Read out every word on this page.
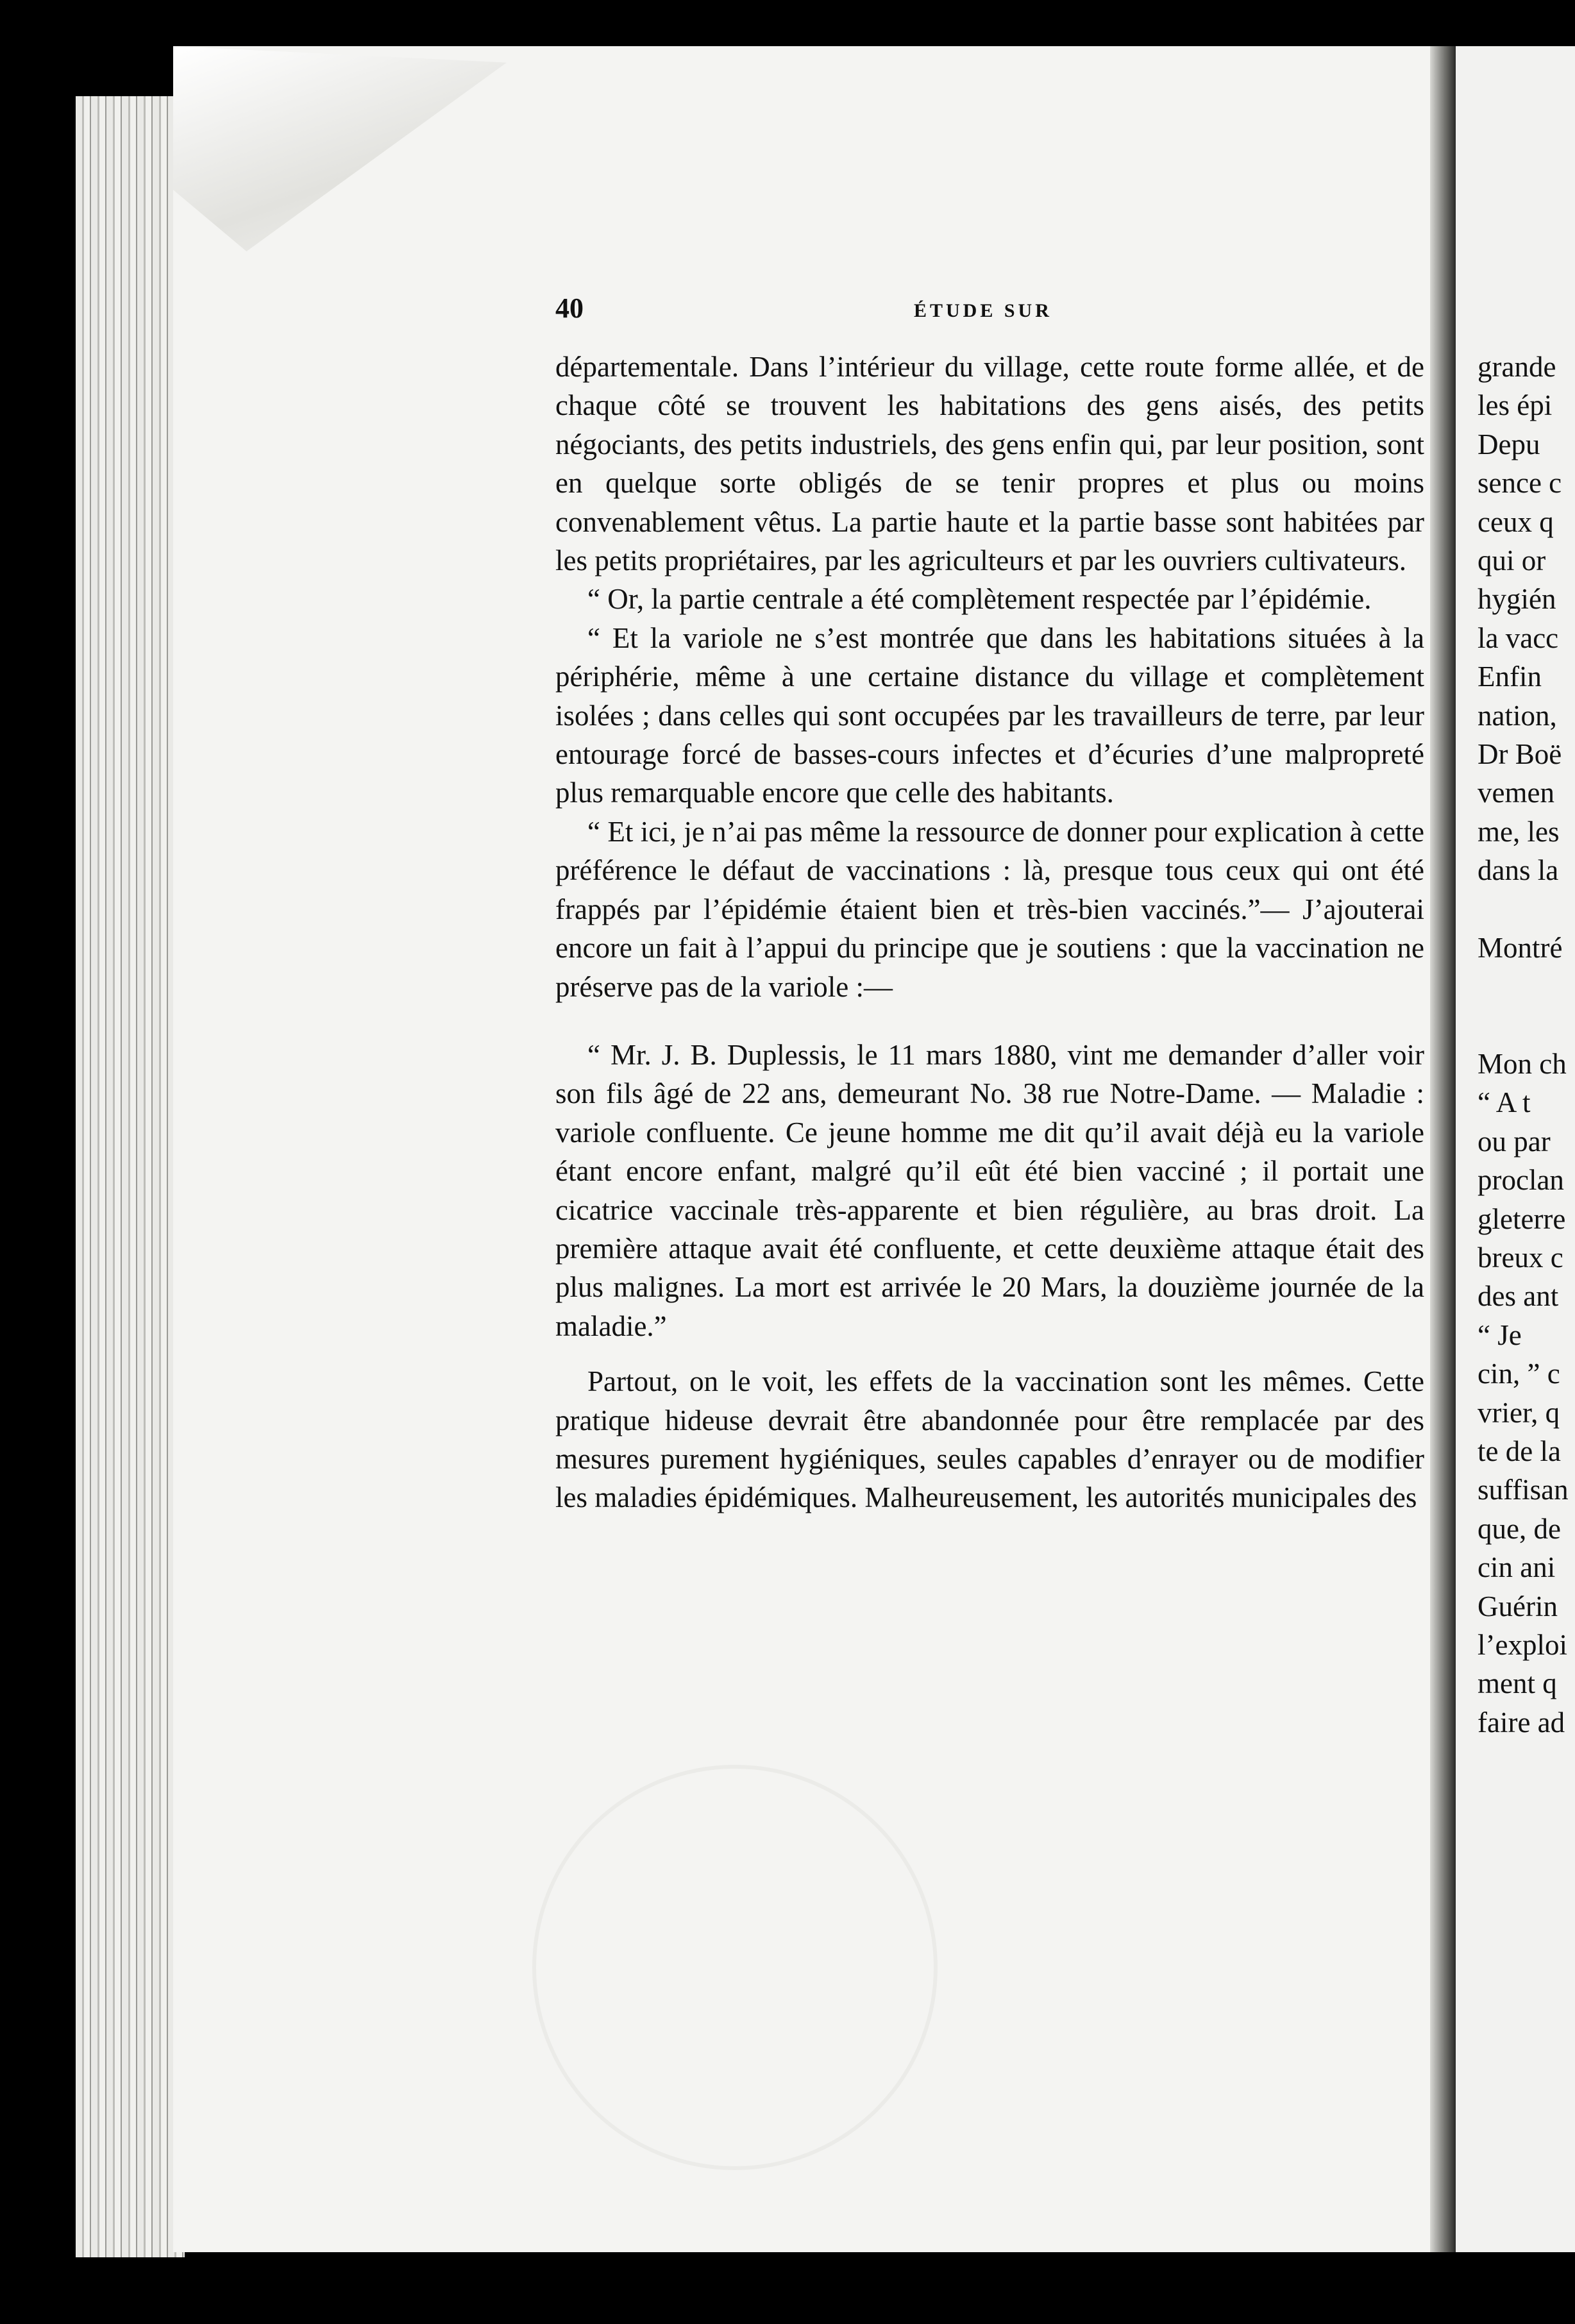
40	ÉTUDE SUR

départementale. Dans l’intérieur du village, cette route forme allée, et de chaque côté se trouvent les habitations des gens aisés, des petits négociants, des petits industriels, des gens enfin qui, par leur position, sont en quelque sorte obligés de se tenir propres et plus ou moins convenablement vêtus. La partie haute et la partie basse sont habitées par les petits propriétaires, par les agriculteurs et par les ouvriers cultivateurs.

“ Or, la partie centrale a été complètement respectée par l’épidémie.

“ Et la variole ne s’est montrée que dans les habitations situées à la périphérie, même à une certaine distance du village et complètement isolées ; dans celles qui sont occupées par les travailleurs de terre, par leur entourage forcé de basses-cours infectes et d’écuries d’une malpropreté plus remarquable encore que celle des habitants.

“ Et ici, je n’ai pas même la ressource de donner pour explication à cette préférence le défaut de vaccinations : là, presque tous ceux qui ont été frappés par l’épidémie étaient bien et très-bien vaccinés.”— J’ajouterai encore un fait à l’appui du principe que je soutiens : que la vaccination ne préserve pas de la variole :—

“ Mr. J. B. Duplessis, le 11 mars 1880, vint me demander d’aller voir son fils âgé de 22 ans, demeurant No. 38 rue Notre-Dame. — Maladie : variole confluente. Ce jeune homme me dit qu’il avait déjà eu la variole étant encore enfant, malgré qu’il eût été bien vacciné ; il portait une cicatrice vaccinale très-apparente et bien régulière, au bras droit. La première attaque avait été confluente, et cette deuxième attaque était des plus malignes. La mort est arrivée le 20 Mars, la douzième journée de la maladie.”

Partout, on le voit, les effets de la vaccination sont les mêmes. Cette pratique hideuse devrait être abandonnée pour être remplacée par des mesures purement hygiéniques, seules capables d’enrayer ou de modifier les maladies épidémiques. Malheureusement, les autorités municipales des

grande
les épi
Depu
sence c
ceux q
qui or
hygién
la vacc
Enfin
nation,
Dr Boë
vemen
me, les
dans la
Montré
Mon ch
“ A t
ou par
proclan
gleterre
breux c
des ant
“ Je
cin, ” c
vrier, q
te de la
suffisan
que, de
cin ani
Guérin
l’exploi
ment q
faire ad
